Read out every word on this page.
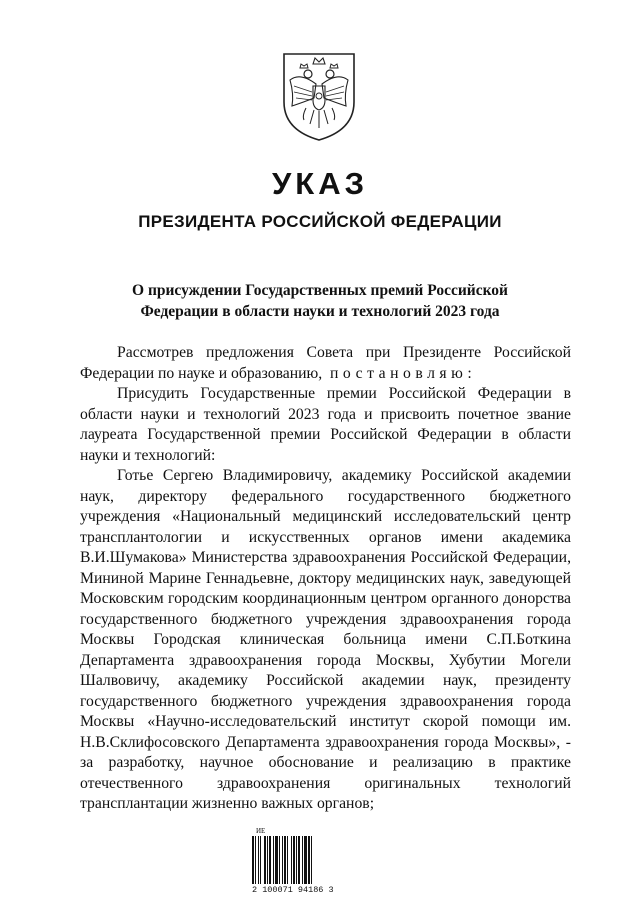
УКАЗ
ПРЕЗИДЕНТА РОССИЙСКОЙ ФЕДЕРАЦИИ
О присуждении Государственных премий Российской
Федерации в области науки и технологий 2023 года

Рассмотрев предложения Совета при Президенте Российской Федерации по науке и образованию, постановляю:

Присудить Государственные премии Российской Федерации в области науки и технологий 2023 года и присвоить почетное звание лауреата Государственной премии Российской Федерации в области науки и технологий:

Готье Сергею Владимировичу, академику Российской академии наук, директору федерального государственного бюджетного учреждения «Национальный медицинский исследовательский центр трансплантологии и искусственных органов имени академика В.И.Шумакова» Министерства здравоохранения Российской Федерации, Мининой Марине Геннадьевне, доктору медицинских наук, заведующей Московским городским координационным центром органного донорства государственного бюджетного учреждения здравоохранения города Москвы Городская клиническая больница имени С.П.Боткина Департамента здравоохранения города Москвы, Хубутии Могели Шалвовичу, академику Российской академии наук, президенту государственного бюджетного учреждения здравоохранения города Москвы «Научно-исследовательский институт скорой помощи им. Н.В.Склифосовского Департамента здравоохранения города Москвы», - за разработку, научное обоснование и реализацию в практике отечественного здравоохранения оригинальных технологий трансплантации жизненно важных органов;

ИЕ
2 100071 94186 3
